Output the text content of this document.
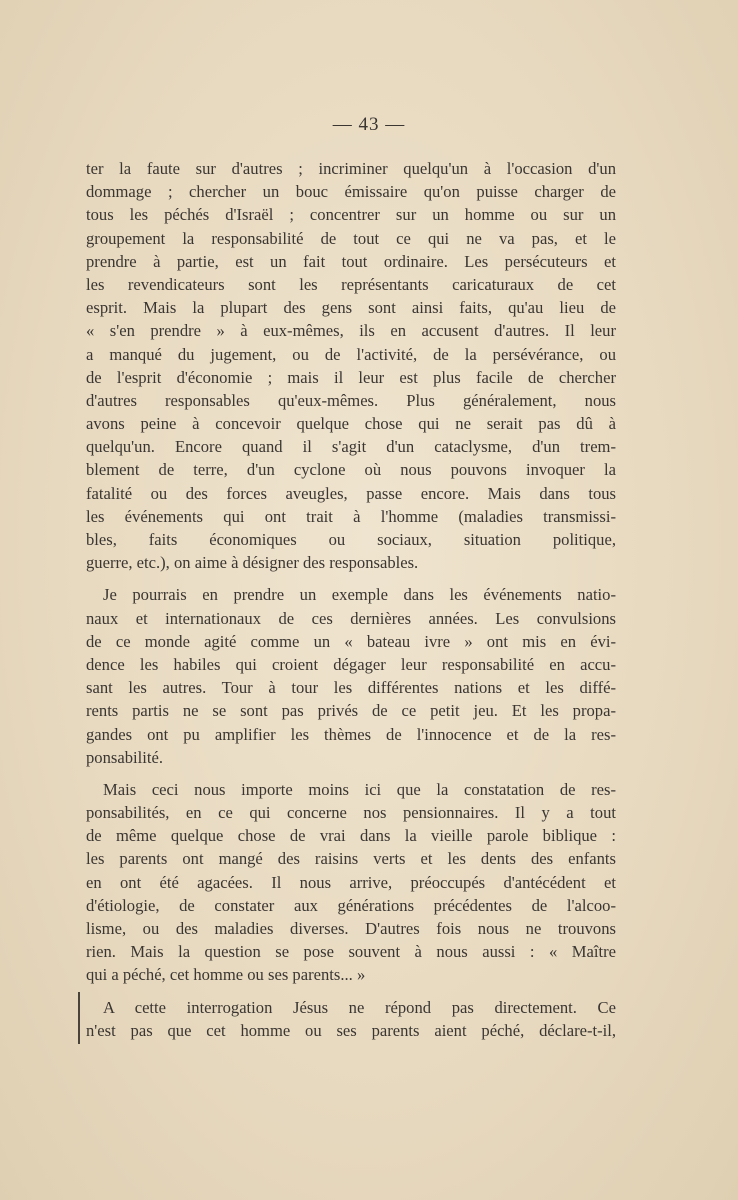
— 43 —
ter la faute sur d'autres ; incriminer quelqu'un à l'occasion d'un
dommage ; chercher un bouc émissaire qu'on puisse charger de
tous les péchés d'Israël ; concentrer sur un homme ou sur un
groupement la responsabilité de tout ce qui ne va pas, et le
prendre à partie, est un fait tout ordinaire. Les persécuteurs et
les revendicateurs sont les représentants caricaturaux de cet
esprit. Mais la plupart des gens sont ainsi faits, qu'au lieu de
« s'en prendre » à eux-mêmes, ils en accusent d'autres. Il leur
a manqué du jugement, ou de l'activité, de la persévérance, ou
de l'esprit d'économie ; mais il leur est plus facile de chercher
d'autres responsables qu'eux-mêmes. Plus généralement, nous
avons peine à concevoir quelque chose qui ne serait pas dû à
quelqu'un. Encore quand il s'agit d'un cataclysme, d'un trem-
blement de terre, d'un cyclone où nous pouvons invoquer la
fatalité ou des forces aveugles, passe encore. Mais dans tous
les événements qui ont trait à l'homme (maladies transmissi-
bles, faits économiques ou sociaux, situation politique,
guerre, etc.), on aime à désigner des responsables.
Je pourrais en prendre un exemple dans les événements natio-
naux et internationaux de ces dernières années. Les convulsions
de ce monde agité comme un « bateau ivre » ont mis en évi-
dence les habiles qui croient dégager leur responsabilité en accu-
sant les autres. Tour à tour les différentes nations et les diffé-
rents partis ne se sont pas privés de ce petit jeu. Et les propa-
gandes ont pu amplifier les thèmes de l'innocence et de la res-
ponsabilité.
Mais ceci nous importe moins ici que la constatation de res-
ponsabilités, en ce qui concerne nos pensionnaires. Il y a tout
de même quelque chose de vrai dans la vieille parole biblique :
les parents ont mangé des raisins verts et les dents des enfants
en ont été agacées. Il nous arrive, préoccupés d'antécédent et
d'étiologie, de constater aux générations précédentes de l'alcoo-
lisme, ou des maladies diverses. D'autres fois nous ne trouvons
rien. Mais la question se pose souvent à nous aussi : « Maître
qui a péché, cet homme ou ses parents... »
A cette interrogation Jésus ne répond pas directement. Ce
n'est pas que cet homme ou ses parents aient péché, déclare-t-il,
